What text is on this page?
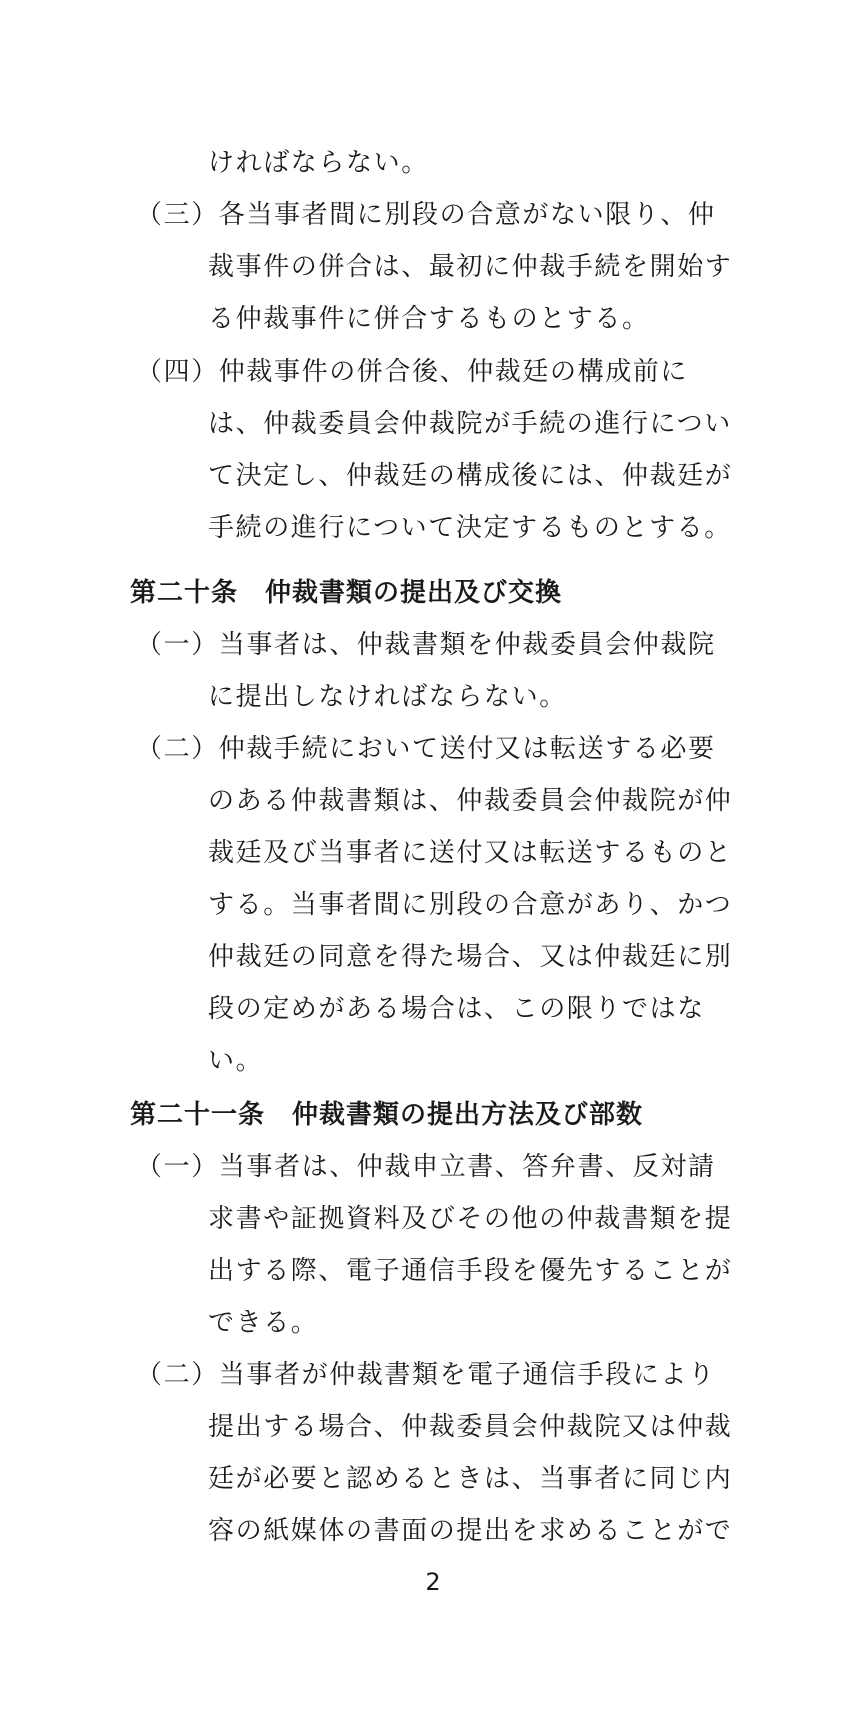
ければならない。
（三）各当事者間に別段の合意がない限り、仲
裁事件の併合は、最初に仲裁手続を開始す
る仲裁事件に併合するものとする。
（四）仲裁事件の併合後、仲裁廷の構成前に
は、仲裁委員会仲裁院が手続の進行につい
て決定し、仲裁廷の構成後には、仲裁廷が
手続の進行について決定するものとする。
第二十条　仲裁書類の提出及び交換
（一）当事者は、仲裁書類を仲裁委員会仲裁院
に提出しなければならない。
（二）仲裁手続において送付又は転送する必要
のある仲裁書類は、仲裁委員会仲裁院が仲
裁廷及び当事者に送付又は転送するものと
する。当事者間に別段の合意があり、かつ
仲裁廷の同意を得た場合、又は仲裁廷に別
段の定めがある場合は、この限りではな
い。
第二十一条　仲裁書類の提出方法及び部数
（一）当事者は、仲裁申立書、答弁書、反対請
求書や証拠資料及びその他の仲裁書類を提
出する際、電子通信手段を優先することが
できる。
（二）当事者が仲裁書類を電子通信手段により
提出する場合、仲裁委員会仲裁院又は仲裁
廷が必要と認めるときは、当事者に同じ内
容の紙媒体の書面の提出を求めることがで
2
